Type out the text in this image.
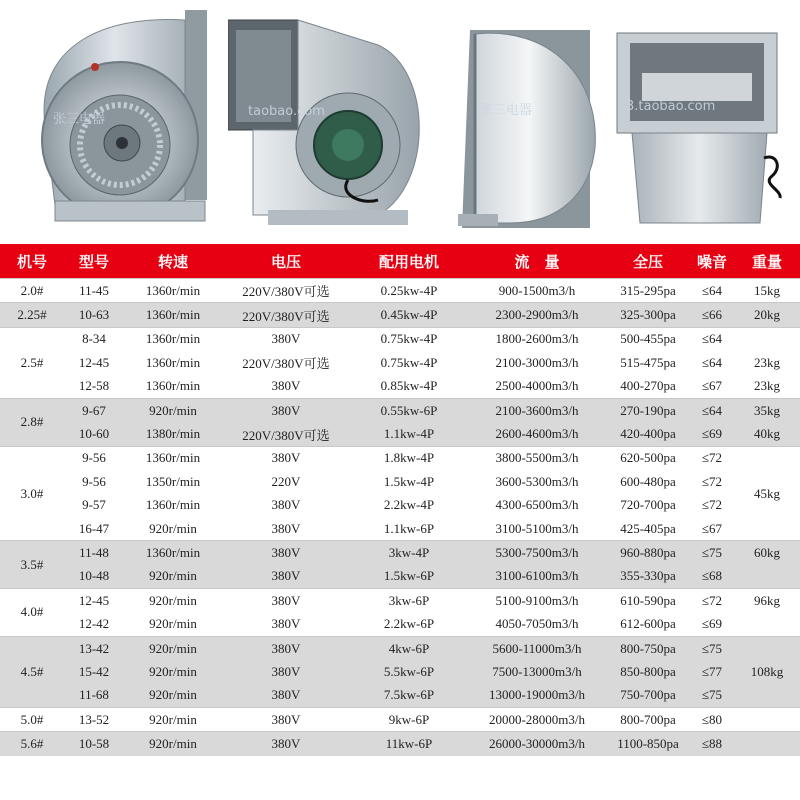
张三电器
taobao.com	张三电器	3.taobao.com
机号	型号	转速	电压	配用电机	流　量	全压	噪音	重量
2.0#	11-45	1360r/min	220V/380V可选	0.25kw-4P	900-1500m3/h	315-295pa	≤64	15kg
2.25#	10-63	1360r/min	220V/380V可选	0.45kw-4P	2300-2900m3/h	325-300pa	≤66	20kg
2.5#	8-34	1360r/min	380V	0.75kw-4P	1800-2600m3/h	500-455pa	≤64	
	12-45	1360r/min	220V/380V可选	0.75kw-4P	2100-3000m3/h	515-475pa	≤64	23kg
	12-58	1360r/min	380V	0.85kw-4P	2500-4000m3/h	400-270pa	≤67	23kg
2.8#	9-67	920r/min	380V	0.55kw-6P	2100-3600m3/h	270-190pa	≤64	35kg
	10-60	1380r/min	220V/380V可选	1.1kw-4P	2600-4600m3/h	420-400pa	≤69	40kg
3.0#	9-56	1360r/min	380V	1.8kw-4P	3800-5500m3/h	620-500pa	≤72	45kg
	9-56	1350r/min	220V	1.5kw-4P	3600-5300m3/h	600-480pa	≤72	
	9-57	1360r/min	380V	2.2kw-4P	4300-6500m3/h	720-700pa	≤72	
	16-47	920r/min	380V	1.1kw-6P	3100-5100m3/h	425-405pa	≤67	
3.5#	11-48	1360r/min	380V	3kw-4P	5300-7500m3/h	960-880pa	≤75	60kg
	10-48	920r/min	380V	1.5kw-6P	3100-6100m3/h	355-330pa	≤68	
4.0#	12-45	920r/min	380V	3kw-6P	5100-9100m3/h	610-590pa	≤72	96kg
	12-42	920r/min	380V	2.2kw-6P	4050-7050m3/h	612-600pa	≤69	
4.5#	13-42	920r/min	380V	4kw-6P	5600-11000m3/h	800-750pa	≤75	108kg
	15-42	920r/min	380V	5.5kw-6P	7500-13000m3/h	850-800pa	≤77	
	11-68	920r/min	380V	7.5kw-6P	13000-19000m3/h	750-700pa	≤75	
5.0#	13-52	920r/min	380V	9kw-6P	20000-28000m3/h	800-700pa	≤80	
5.6#	10-58	920r/min	380V	11kw-6P	26000-30000m3/h	1100-850pa	≤88	
